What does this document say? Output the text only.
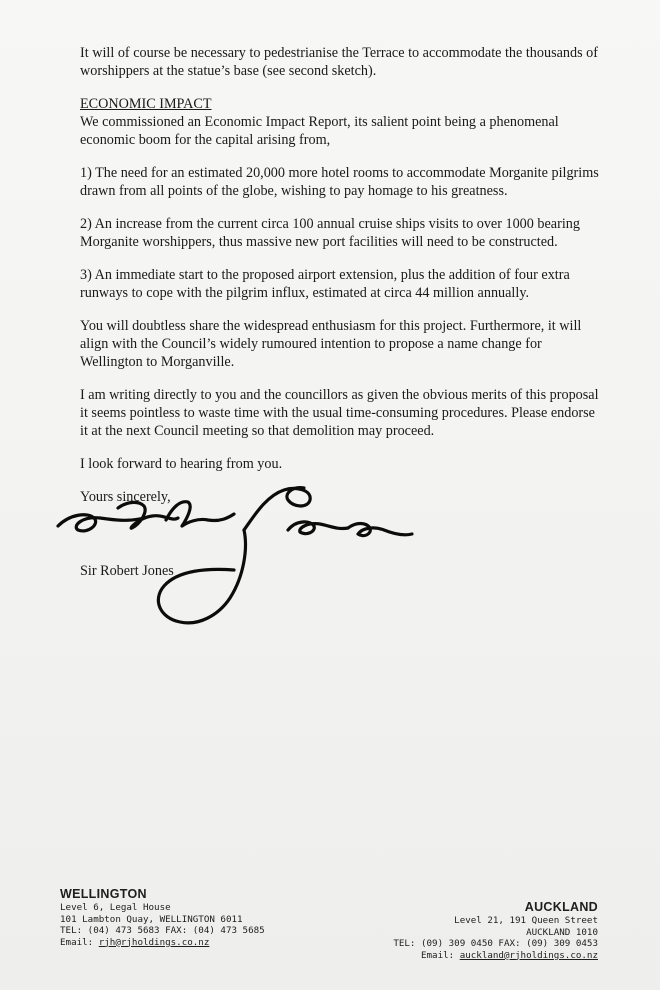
It will of course be necessary to pedestrianise the Terrace to accommodate the thousands of worshippers at the statue’s base (see second sketch).

ECONOMIC IMPACT
We commissioned an Economic Impact Report, its salient point being a phenomenal economic boom for the capital arising from,

1) The need for an estimated 20,000 more hotel rooms to accommodate Morganite pilgrims drawn from all points of the globe, wishing to pay homage to his greatness.

2) An increase from the current circa 100 annual cruise ships visits to over 1000 bearing Morganite worshippers, thus massive new port facilities will need to be constructed.

3) An immediate start to the proposed airport extension, plus the addition of four extra runways to cope with the pilgrim influx, estimated at circa 44 million annually.

You will doubtless share the widespread enthusiasm for this project. Furthermore, it will align with the Council’s widely rumoured intention to propose a name change for Wellington to Morganville.

I am writing directly to you and the councillors as given the obvious merits of this proposal it seems pointless to waste time with the usual time-consuming procedures. Please endorse it at the next Council meeting so that demolition may proceed.

I look forward to hearing from you.

Yours sincerely,

Sir Robert Jones
WELLINGTON
Level 6, Legal House
101 Lambton Quay, WELLINGTON 6011
TEL: (04) 473 5683 FAX: (04) 473 5685
Email: rjh@rjholdings.co.nz
AUCKLAND
Level 21, 191 Queen Street
AUCKLAND 1010
TEL: (09) 309 0450 FAX: (09) 309 0453
Email: auckland@rjholdings.co.nz
